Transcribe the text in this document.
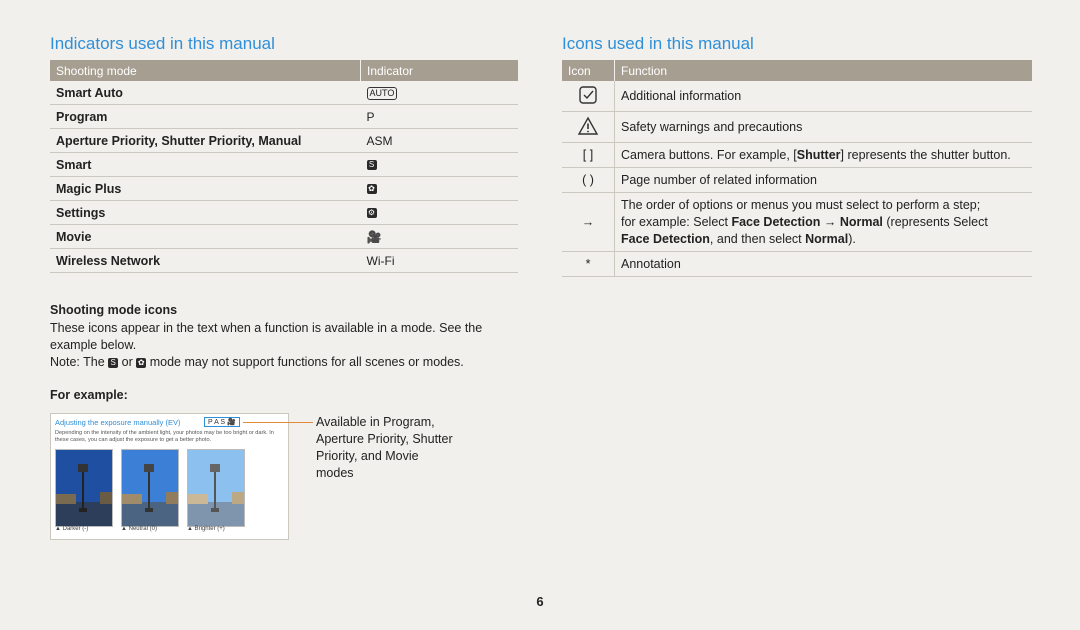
Indicators used in this manual	Icons used in this manual
Shooting mode	Indicator
Smart Auto	AUTO
Program	P
Aperture Priority, Shutter Priority, Manual	ASM
Smart	S
Magic Plus	✿
Settings	⚙
Movie	🎥
Wireless Network	Wi-Fi
Icon	Function
	Additional information
	Safety warnings and precautions
[ ]	Camera buttons. For example, [Shutter] represents the shutter button.
( )	Page number of related information
→	The order of options or menus you must select to perform a step;
for example: Select Face Detection → Normal (represents Select
Face Detection, and then select Normal).

*	Annotation
Shooting mode icons
These icons appear in the text when a function is available in a mode. See the example below.
Note: The S or ✿ mode may not support functions for all scenes or modes.
For example:
Adjusting the exposure manually (EV)	P A S 🎥
Depending on the intensity of the ambient light, your photos may be too bright or dark. In these cases, you can adjust the exposure to get a better photo.
▲ Darker (-)	▲ Neutral (0)	▲ Brighter (+)
Available in Program, Aperture Priority, Shutter Priority, and Movie modes
6
